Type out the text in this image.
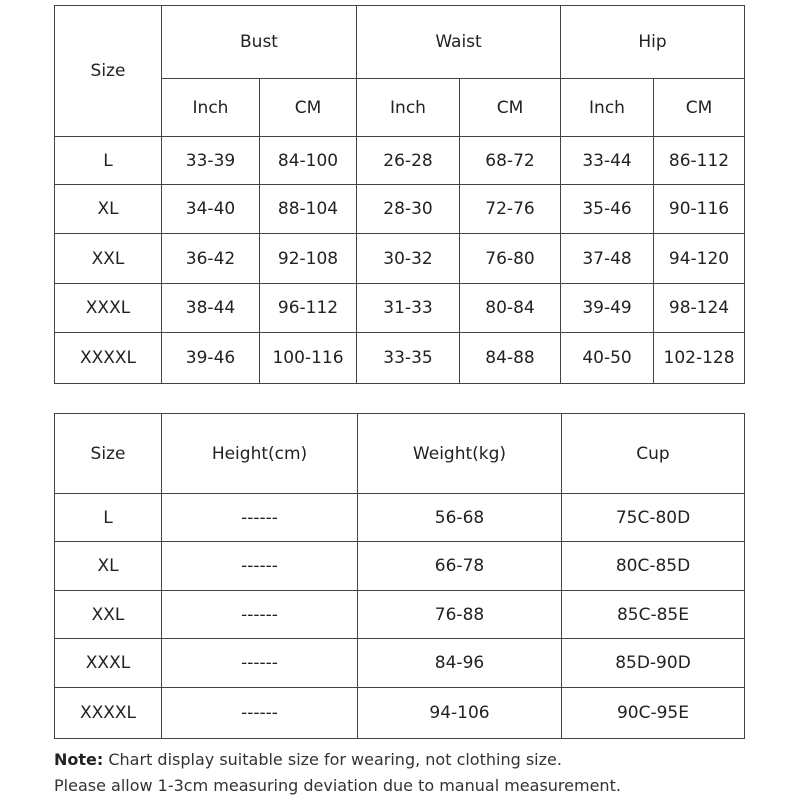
Size	Bust		Waist		Hip	
	Inch	CM	Inch	CM	Inch	CM
L	33-39	84-100	26-28	68-72	33-44	86-112
XL	34-40	88-104	28-30	72-76	35-46	90-116
XXL	36-42	92-108	30-32	76-80	37-48	94-120
XXXL	38-44	96-112	31-33	80-84	39-49	98-124
XXXXL	39-46	100-116	33-35	84-88	40-50	102-128
Size	Height(cm)	Weight(kg)	Cup
L	------	56-68	75C-80D
XL	------	66-78	80C-85D
XXL	------	76-88	85C-85E
XXXL	------	84-96	85D-90D
XXXXL	------	94-106	90C-95E
Note: Chart display suitable size for wearing, not clothing size.
Please allow 1-3cm measuring deviation due to manual measurement.
